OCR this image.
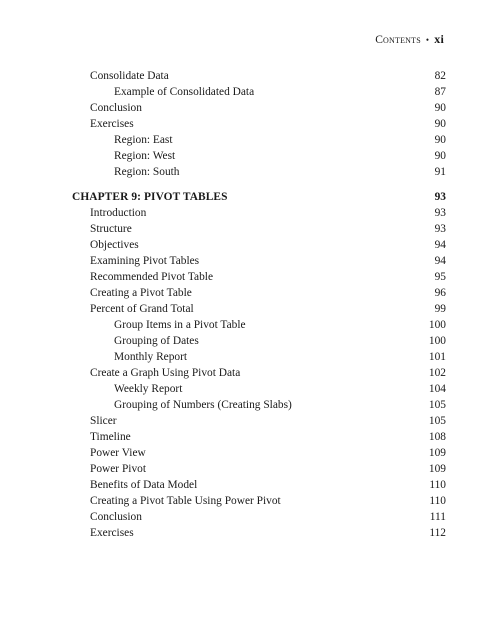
Contents • xi
Consolidate Data	82
Example of Consolidated Data	87
Conclusion	90
Exercises	90
Region: East	90
Region: West	90
Region: South	91
CHAPTER 9: PIVOT TABLES	93
Introduction	93
Structure	93
Objectives	94
Examining Pivot Tables	94
Recommended Pivot Table	95
Creating a Pivot Table	96
Percent of Grand Total	99
Group Items in a Pivot Table	100
Grouping of Dates	100
Monthly Report	101
Create a Graph Using Pivot Data	102
Weekly Report	104
Grouping of Numbers (Creating Slabs)	105
Slicer	105
Timeline	108
Power View	109
Power Pivot	109
Benefits of Data Model	110
Creating a Pivot Table Using Power Pivot	110
Conclusion	111
Exercises	112
